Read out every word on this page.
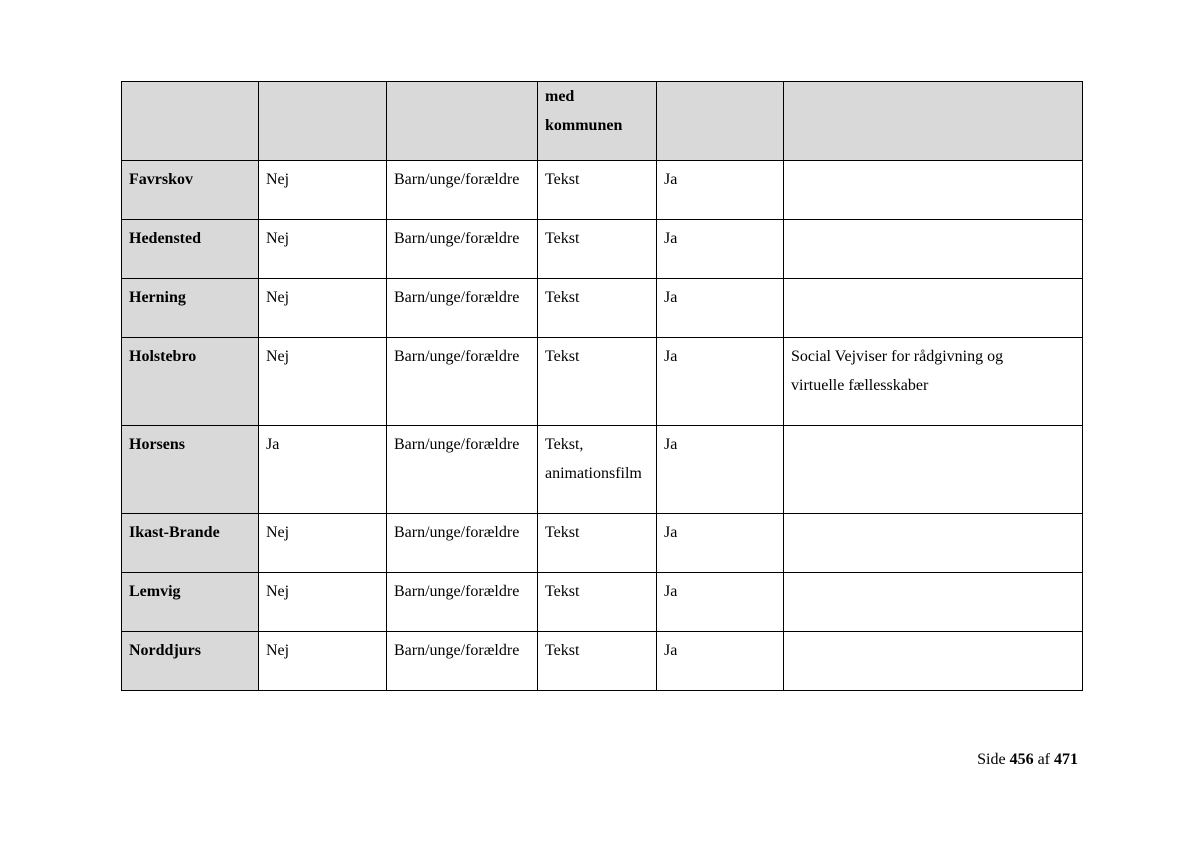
			med
kommunen		

Favrskov	Nej	Barn/unge/forældre	Tekst	Ja	
Hedensted	Nej	Barn/unge/forældre	Tekst	Ja	
Herning	Nej	Barn/unge/forældre	Tekst	Ja	
Holstebro	Nej	Barn/unge/forældre	Tekst	Ja	Social Vejviser for rådgivning og
virtuelle fællesskaber
Horsens	Ja	Barn/unge/forældre	Tekst,
animationsfilm	Ja	
Ikast-Brande	Nej	Barn/unge/forældre	Tekst	Ja	
Lemvig	Nej	Barn/unge/forældre	Tekst	Ja	
Norddjurs	Nej	Barn/unge/forældre	Tekst	Ja	
Side 456 af 471
